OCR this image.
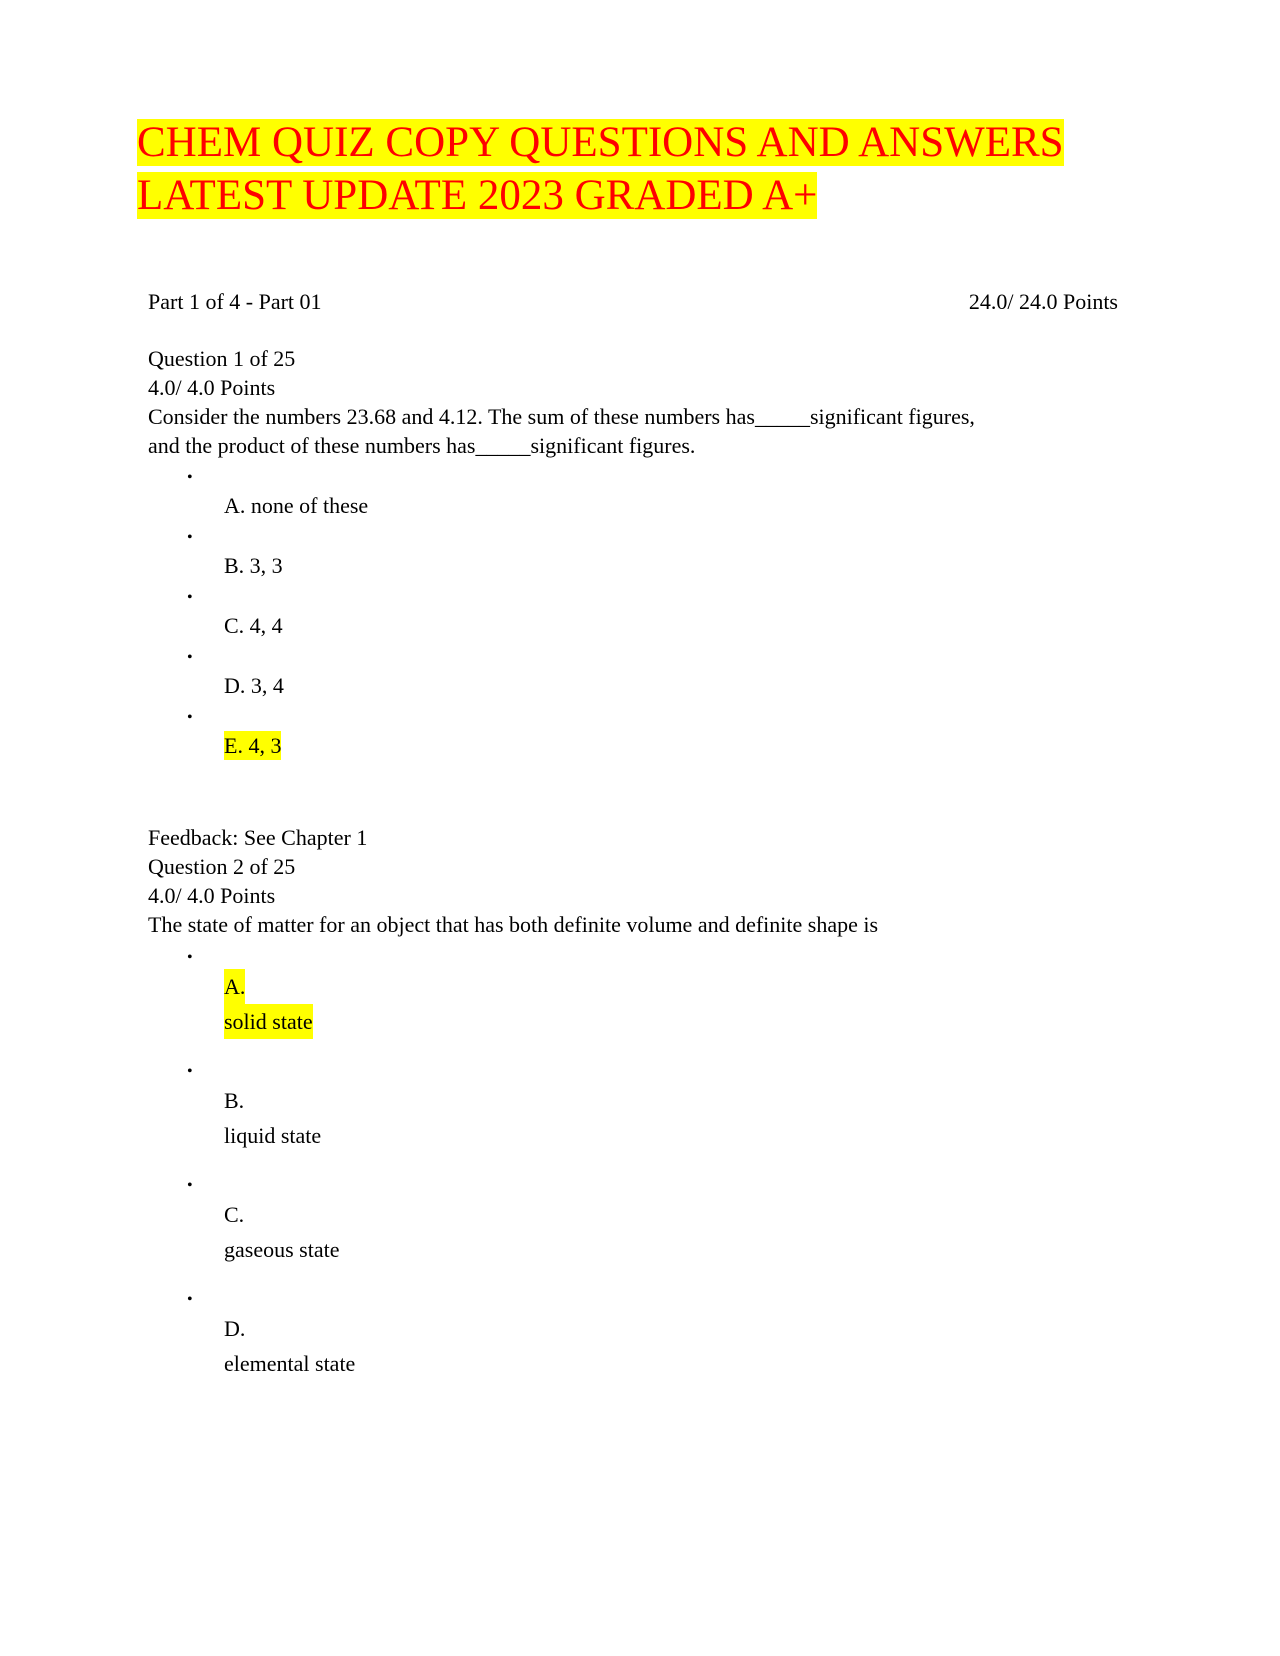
CHEM QUIZ COPY QUESTIONS AND ANSWERS
LATEST UPDATE 2023 GRADED A+

Part 1 of 4 - Part 01	24.0/ 24.0 Points

Question 1 of 25

4.0/ 4.0 Points

Consider the numbers 23.68 and 4.12. The sum of these numbers has_____significant figures,

and the product of these numbers has_____significant figures.

•
A. none of these
•
B. 3, 3
•
C. 4, 4
•
D. 3, 4
•
E. 4, 3

Feedback: See Chapter 1

Question 2 of 25

4.0/ 4.0 Points

The state of matter for an object that has both definite volume and definite shape is

•
A.
solid state
•
B.
liquid state
•
C.
gaseous state
•
D.
elemental state
